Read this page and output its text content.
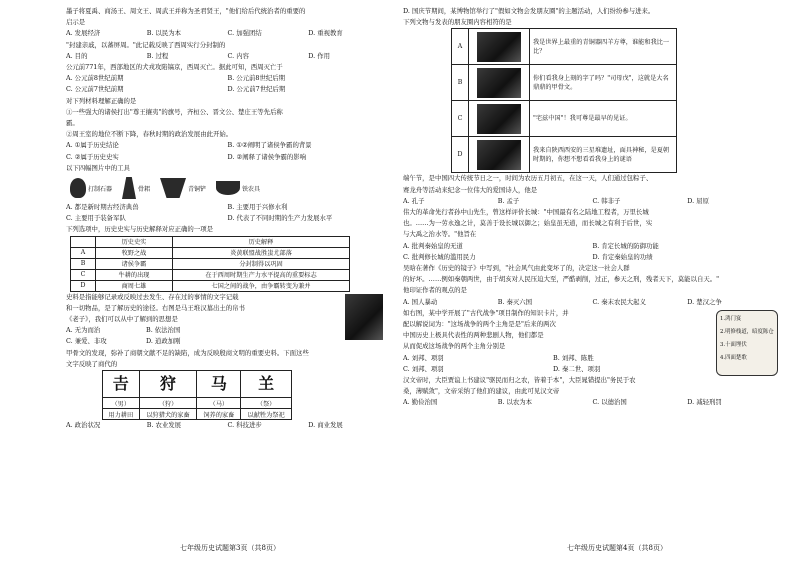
墨子将夏禹、商汤王、周文王、周武王并称为圣君贤王，"他们给后代统治者的重要的
启示是
A. 发展经济	B. 以民为本	C. 加强团结	D. 重视教育
"封建亲戚，以蕃屏周。"此记载反映了西周实行分封制的
A. 目的	B. 过程	C. 内容	D. 作用
公元前771年，西部地区的犬戎攻陷镐京，西周灭亡。据此可知，西周灭亡于
A. 公元前8世纪前期	B. 公元前8世纪后期
C. 公元前7世纪前期	D. 公元前7世纪后期
对下列材料理解正确的是
①一些强大的诸侯打出"尊王攘夷"的旗号，齐桓公、晋文公、楚庄王等先后称
霸。
②周王室的地位不断下降，春秋时期的政治发展由此开始。
A. ①属于历史结论	B. ①②阐明了诸侯争霸的背景
C. ②属于历史史实	D. ②阐释了诸侯争霸的影响
以下四幅图片中的工具
打制石器	骨耜	青铜铲	铁农具
A. 都是新时期古经济典兽	B. 主要用于兴修水利
C. 主要用于装备军队	D. 代表了不同时期的生产力发展水平
下列选项中，历史史实与历史解释对应正确的一项是
	历史史实	历史解释
A	牧野之战	炎黄联盟战胜蚩尤部落
B	诸侯争霸	分封制得以巩固
C	牛耕的出现	在于西周时期生产力水平提高的重要标志
D	商周七雄	七国之间的战争，由争霸转变为兼并
史料是指能够记录或反映过去发生、存在过的事情的文字记载
和一切物品，是了解历史的途径。右图是马王堆汉墓出土的帛书
《老子》，我们可以从中了解到的思想是
A. 无为而治	B. 依法治国
C. 兼爱、非攻	D. 逍政加刚
甲骨文的发现，弥补了商朝文献不足的缺陷，成为反映殷商文明的重要史料。下面这些
文字反映了商代的
𠮷	狩	马	𦍌
（男）	（狩）	（马）	（祭）
用力耕田	以狩猎犬的家畜	饲养的家畜	以献牲为祭祀
A. 政治状况	B. 农业发展	C. 科技进步	D. 商业发展
七年级历史试题第3页（共8页）
D. 国庆节期间，某博物馆举行了"假如文物会发朋友圈"的主题活动，人们纷纷参与进来。
下列文物与发表的朋友圈内容相符的是
A		我是世界上最重的青铜器四羊方尊，谁能和我比一比？
B		你们看我身上刻的字了吗？"司母戊"，这就是大名鼎鼎的甲骨文。
C		"宅兹中国"！我可尊是最早的见证。
D		我来自陕西西安的三星堆遗址，面具神秘，是夏朝时期的，你想不想看看我身上的谜语
端午节，是中国四大传统节日之一，时间为农历五月初五，在这一天，人们通过包粽子、
赛龙舟等活动来纪念一位伟大的爱国诗人，他是
A. 孔子	B. 孟子	C. 韩非子	D. 屈原
伟大的革命先行者孙中山先生，曾这样评价长城："中国最有名之陆地工程者，万里长城
也。……为一劳永逸之计，莫善于设长城以御之；始皇虽无道，而长城之有利于后世，实
与大禹之治水等。"他旨在
A. 批判秦始皇的无道	B. 肯定长城的防御功能
C. 批判修长城的滥用民力	D. 肯定秦始皇的功绩
吴晗在著作《历史的镜子》中写到，"社会风气由此变坏了的，决定这一社会人群
的好坏。……例如秦朝两世，由于胡亥对人民压迫大至，严酷剥削，过正，参天之刑，残者天下，莫能以自天。"
他印证作者的观点的是
A. 国人暴动	B. 秦灭六国	C. 秦末农民大起义	D. 楚汉之争
1.鸿门宴
2.明修栈道，暗度陈仓
3.十面埋伏
4.四面楚歌
如右图，某中学开展了"古代战争"项目制作的知识卡片，并
配以解说词为："这场战争的两个主角是是"后来的两次
中国历史上极具代表性的两种悲剧人物，他们都是
从而促成这场战争的两个主角分别是
A. 刘邦、项羽	B. 刘邦、陈胜
C. 刘邦、项羽	D. 秦二世、项羽
汉文帝时，大臣贾谊上书建议"驱民而归之农，皆着于本"，大臣晁错提出"务民于农
桑，薄赋敛"，文帝采纳了他们的建议，由此可见汉文帝
A. 勤俭治国	B. 以农为本	C. 以德治国	D. 减轻刑罚
七年级历史试题第4页（共8页）
